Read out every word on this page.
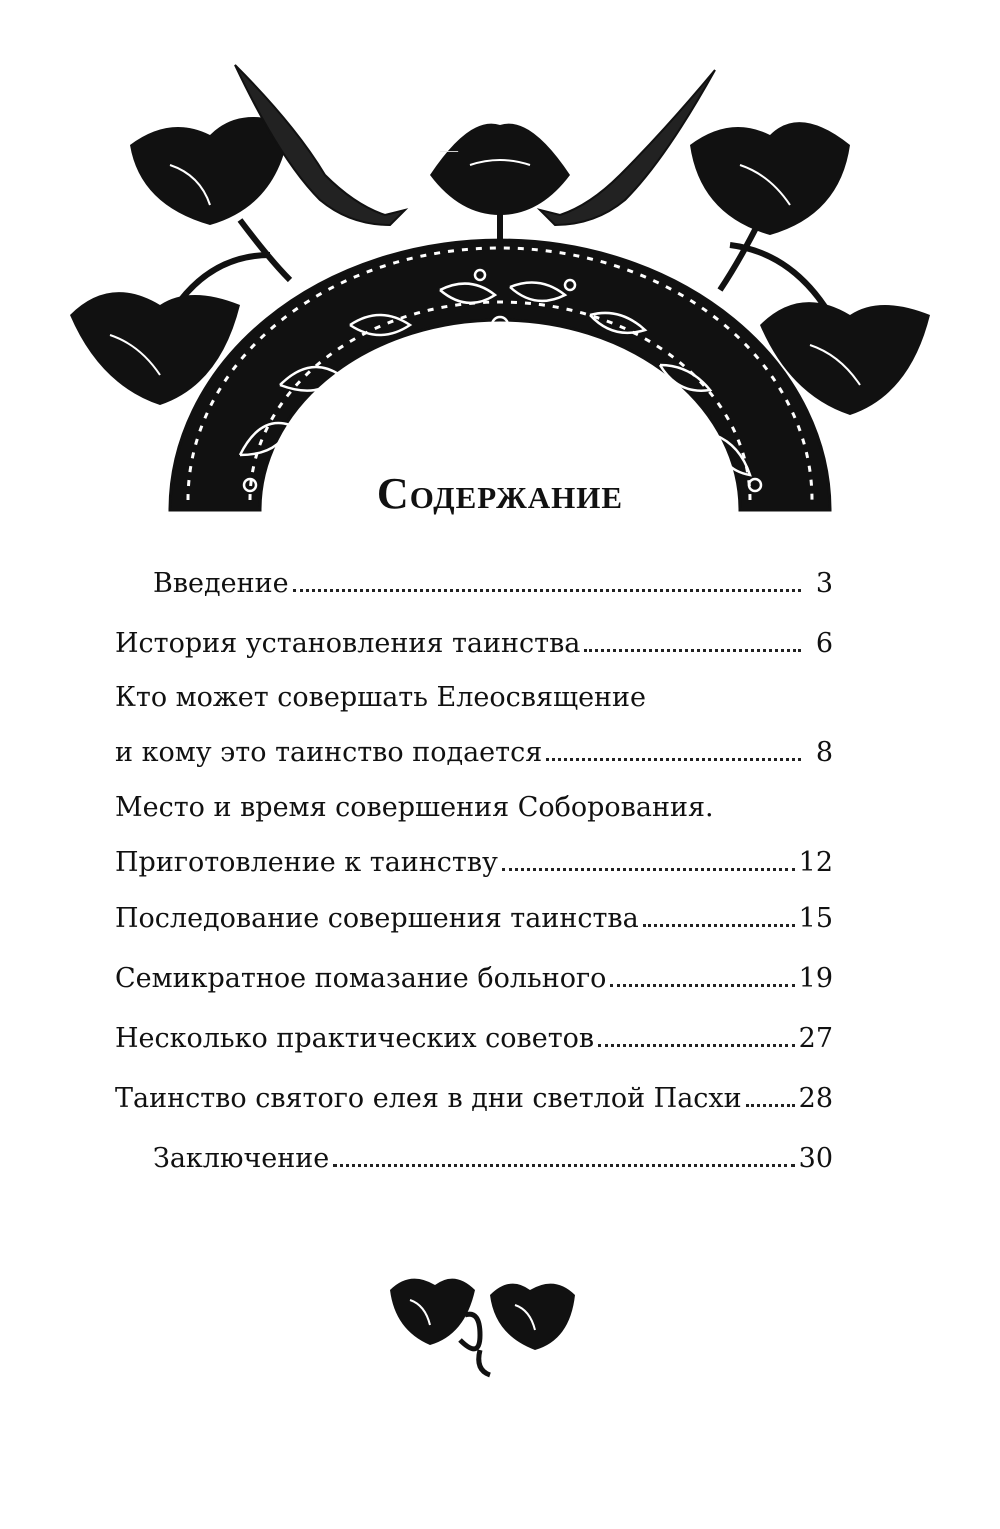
Содержание
—
Введение	3
История установления таинства	6
Кто может совершать Елеосвящение
и кому это таинство подается	8
Место и время совершения Соборования.
Приготовление к таинству	12
Последование совершения таинства	15
Семикратное помазание больного	19
Несколько практических советов	27
Таинство святого елея в дни светлой Пасхи 28
Заключение	30
